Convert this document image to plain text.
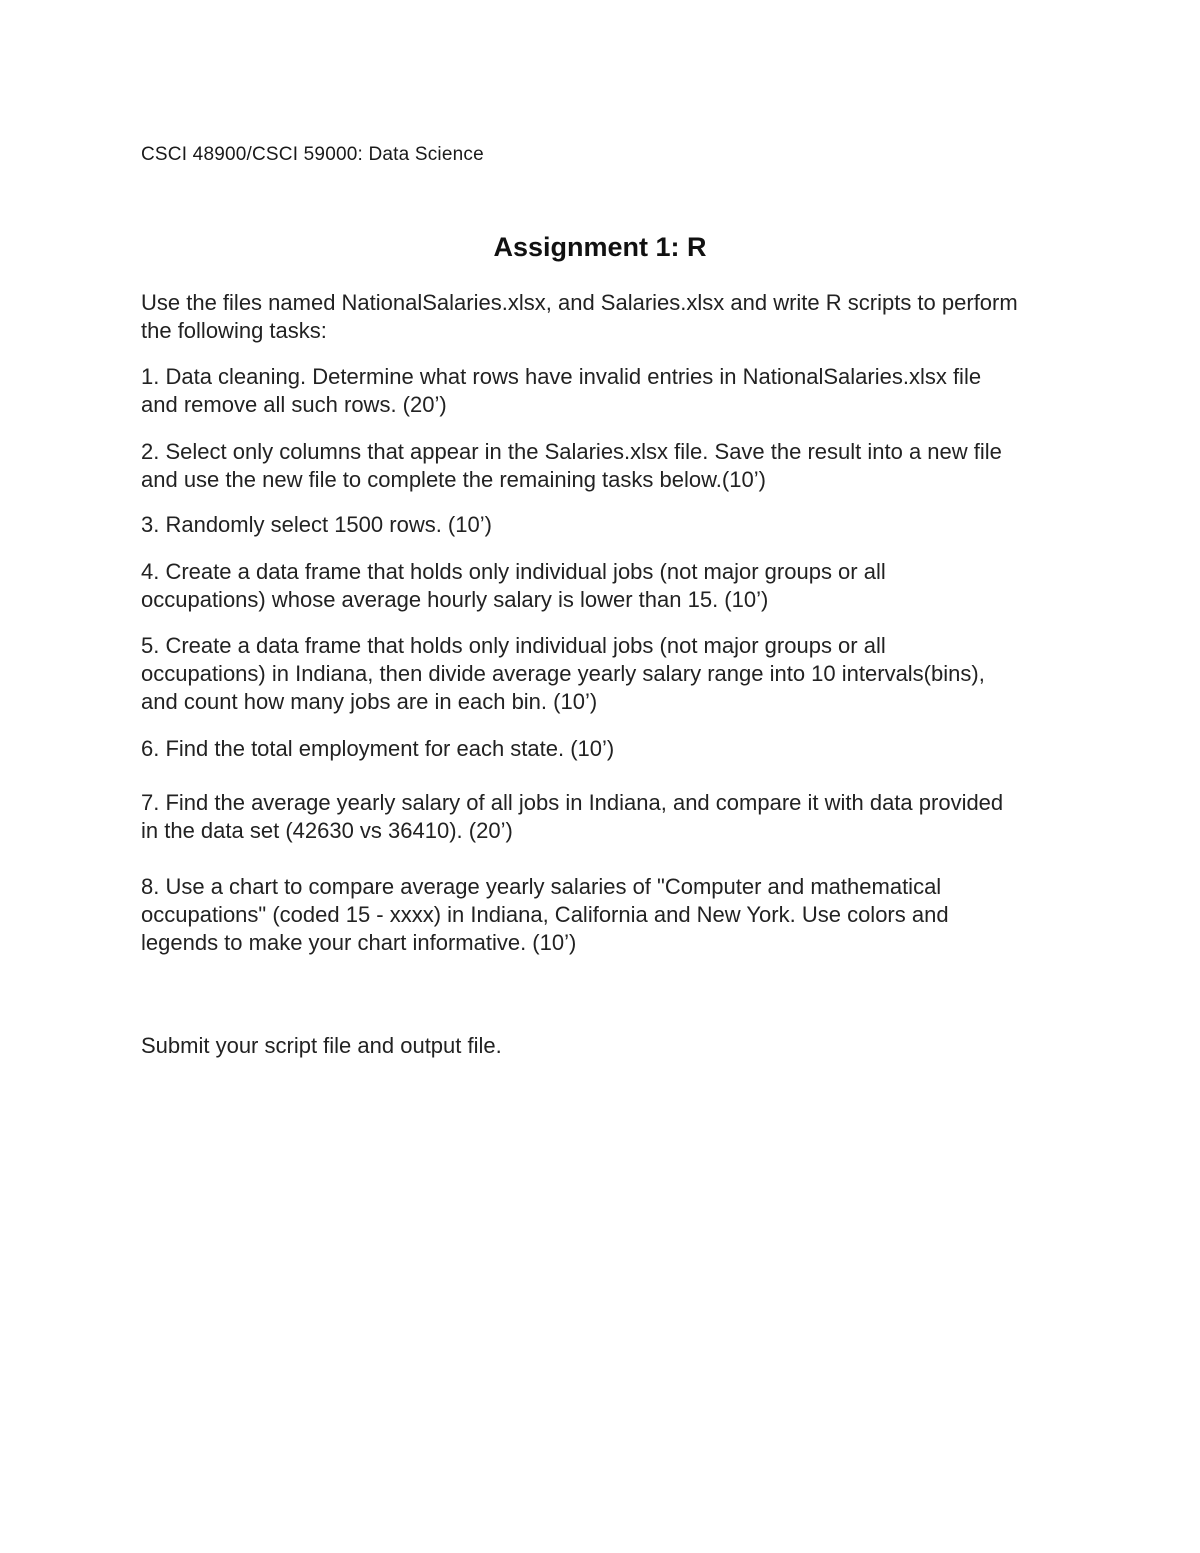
CSCI 48900/CSCI 59000: Data Science
Assignment 1: R

Use the files named NationalSalaries.xlsx, and Salaries.xlsx and write R scripts to perform
the following tasks:

1. Data cleaning. Determine what rows have invalid entries in NationalSalaries.xlsx file
and remove all such rows. (20’)

2. Select only columns that appear in the Salaries.xlsx file. Save the result into a new file
and use the new file to complete the remaining tasks below.(10’)

3. Randomly select 1500 rows. (10’)

4. Create a data frame that holds only individual jobs (not major groups or all
occupations) whose average hourly salary is lower than 15. (10’)

5. Create a data frame that holds only individual jobs (not major groups or all
occupations) in Indiana, then divide average yearly salary range into 10 intervals(bins),
and count how many jobs are in each bin. (10’)

6. Find the total employment for each state. (10’)

7. Find the average yearly salary of all jobs in Indiana, and compare it with data provided
in the data set (42630 vs 36410). (20’)

8. Use a chart to compare average yearly salaries of "Computer and mathematical
occupations" (coded 15 - xxxx) in Indiana, California and New York. Use colors and
legends to make your chart informative. (10’)

Submit your script file and output file.
